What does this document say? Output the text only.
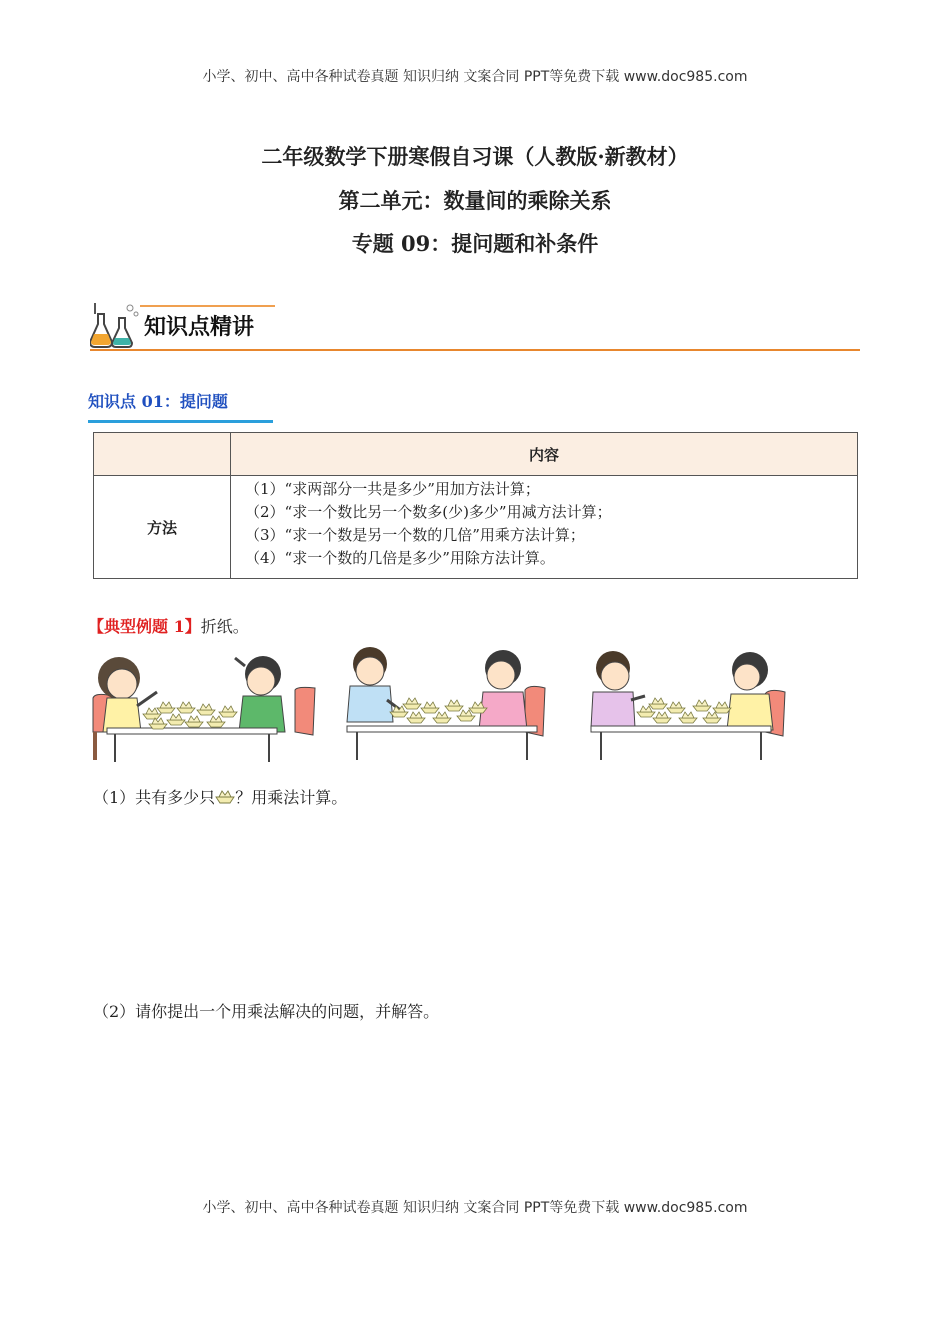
小学、初中、高中各种试卷真题 知识归纳 文案合同 PPT等免费下载 www.doc985.com
二年级数学下册寒假自习课（人教版·新教材）
第二单元：数量间的乘除关系
专题 09：提问题和补条件
知识点精讲
知识点 01：提问题
	内容
方法	（1）“求两部分一共是多少”用加方法计算；
（2）“求一个数比另一个数多(少)多少”用减方法计算；
（3）“求一个数是另一个数的几倍”用乘方法计算；
（4）“求一个数的几倍是多少”用除方法计算。
【典型例题 1】折纸。
（1）共有多少只 ？用乘法计算。
（2）请你提出一个用乘法解决的问题，并解答。
小学、初中、高中各种试卷真题 知识归纳 文案合同 PPT等免费下载 www.doc985.com
